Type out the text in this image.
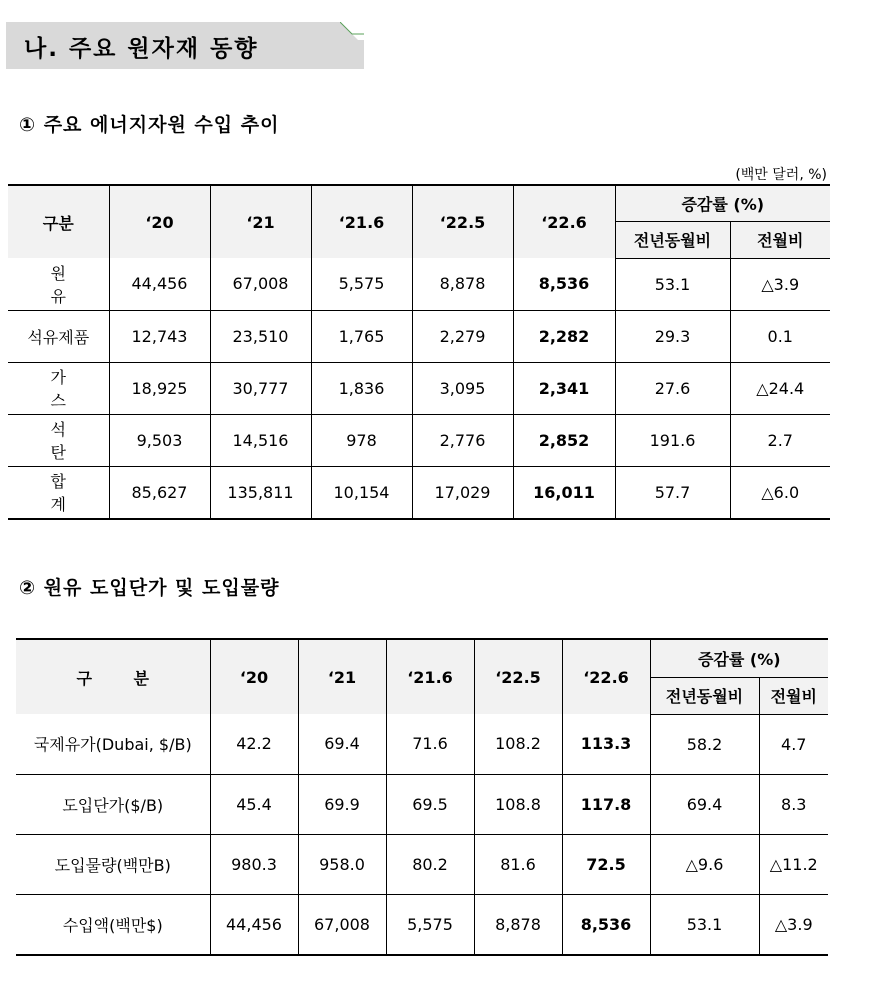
나. 주요 원자재 동향
① 주요 에너지자원 수입 추이
(백만 달러, %)
구분	‘20	‘21	‘21.6	‘22.5	‘22.6	증감률 (%)	
						전년동월비	전월비
원 유	44,456	67,008	5,575	8,878	8,536	53.1	△3.9
석유제품	12,743	23,510	1,765	2,279	2,282	29.3	0.1
가 스	18,925	30,777	1,836	3,095	2,341	27.6	△24.4
석 탄	9,503	14,516	978	2,776	2,852	191.6	2.7
합 계	85,627	135,811	10,154	17,029	16,011	57.7	△6.0
② 원유 도입단가 및 도입물량
구 분	‘20	‘21	‘21.6	‘22.5	‘22.6	증감률 (%)	
						전년동월비	전월비
국제유가(Dubai, $/B)	42.2	69.4	71.6	108.2	113.3	58.2	4.7
도입단가($/B)	45.4	69.9	69.5	108.8	117.8	69.4	8.3
도입물량(백만B)	980.3	958.0	80.2	81.6	72.5	△9.6	△11.2
수입액(백만$)	44,456	67,008	5,575	8,878	8,536	53.1	△3.9
